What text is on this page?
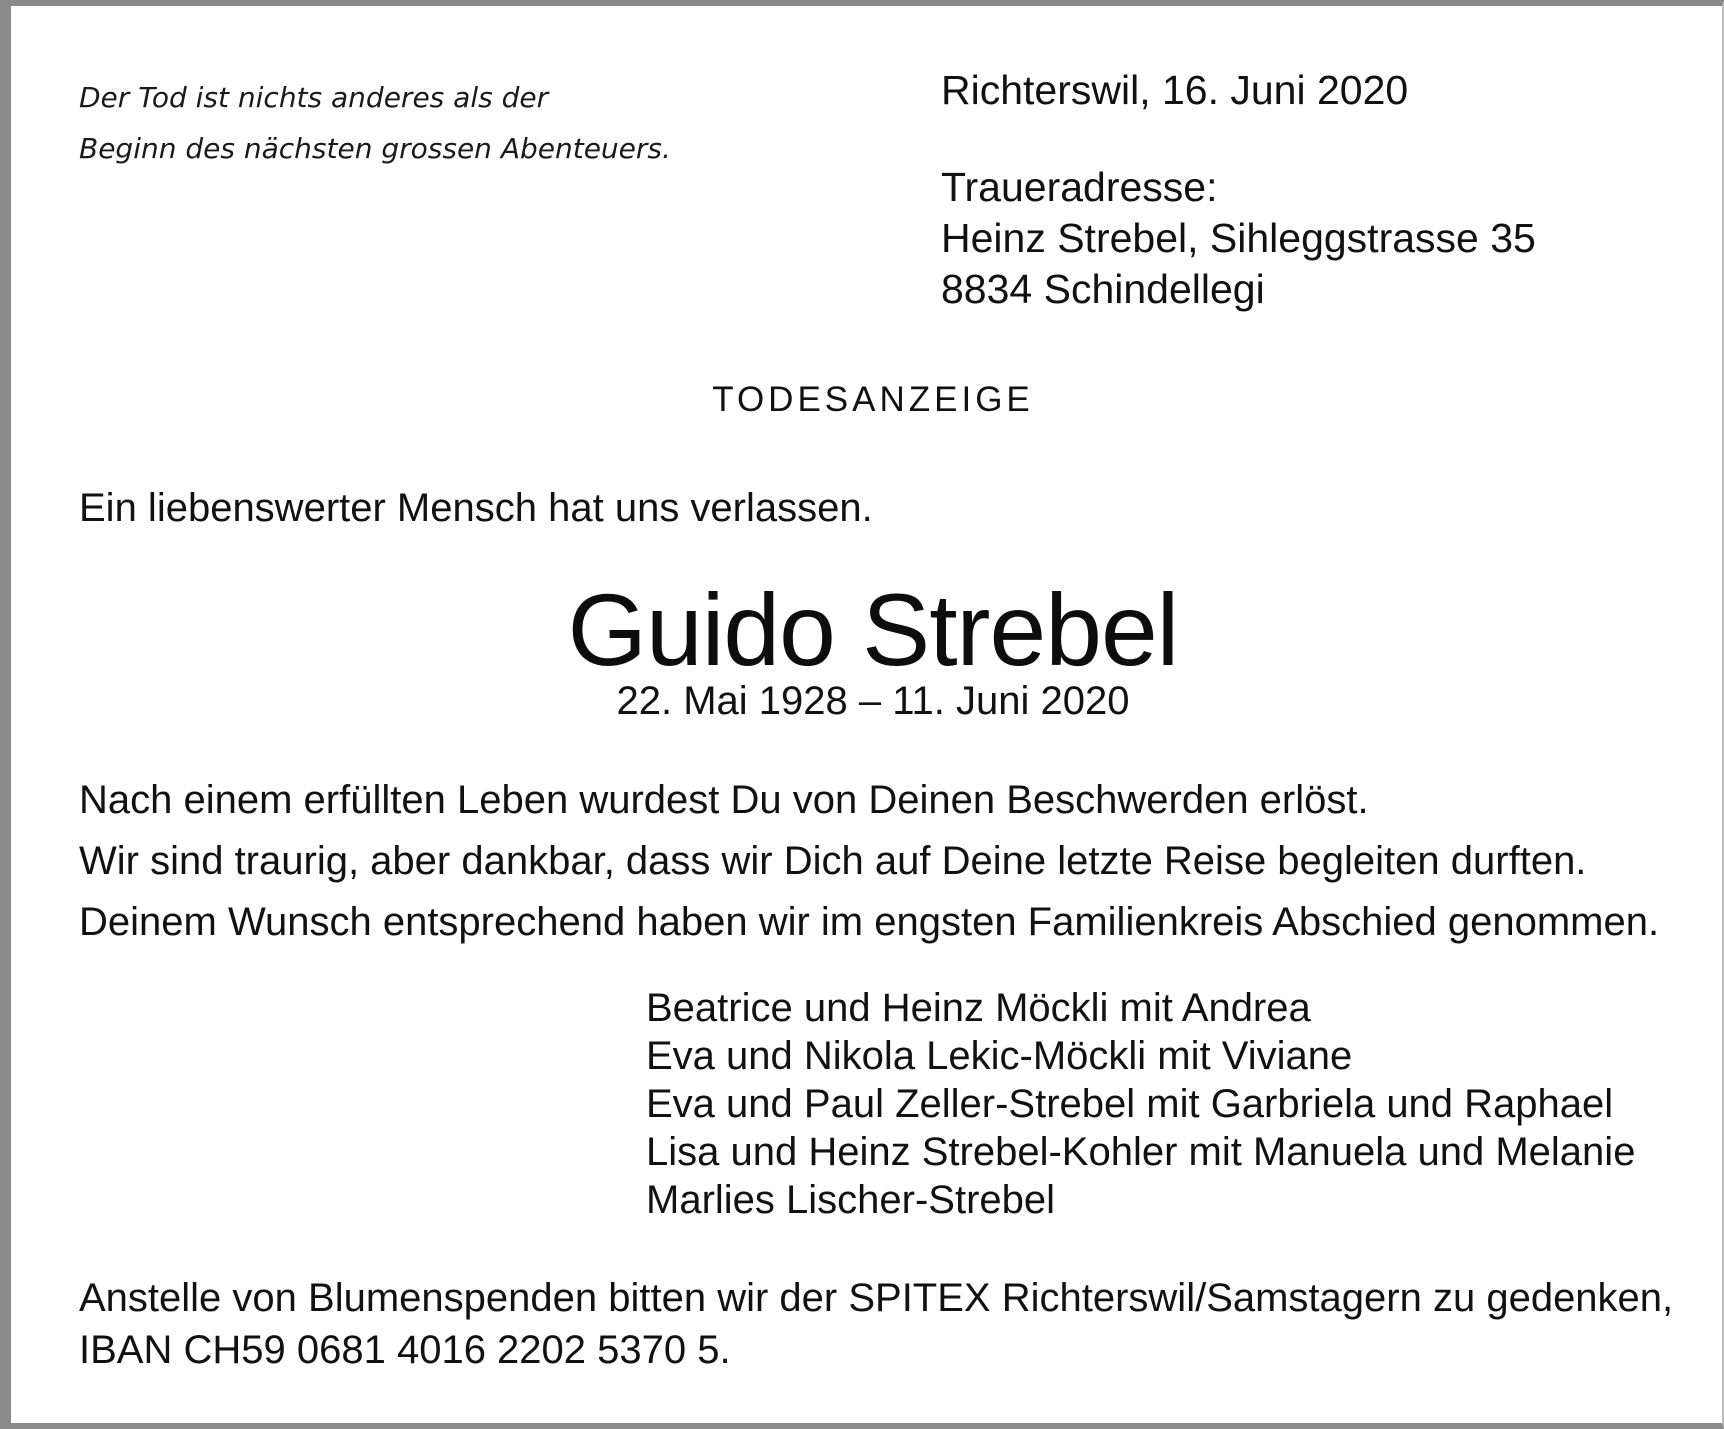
Der Tod ist nichts anderes als der
Beginn des nächsten grossen Abenteuers.
Richterswil, 16. Juni 2020
Traueradresse:
Heinz Strebel, Sihleggstrasse 35
8834 Schindellegi
TODESANZEIGE
Ein liebenswerter Mensch hat uns verlassen.
Guido Strebel
22. Mai 1928 – 11. Juni 2020
Nach einem erfüllten Leben wurdest Du von Deinen Beschwerden erlöst.
Wir sind traurig, aber dankbar, dass wir Dich auf Deine letzte Reise begleiten durften.
Deinem Wunsch entsprechend haben wir im engsten Familienkreis Abschied genommen.
Beatrice und Heinz Möckli mit Andrea
Eva und Nikola Lekic-Möckli mit Viviane
Eva und Paul Zeller-Strebel mit Garbriela und Raphael
Lisa und Heinz Strebel-Kohler mit Manuela und Melanie
Marlies Lischer-Strebel
Anstelle von Blumenspenden bitten wir der SPITEX Richterswil/Samstagern zu gedenken,
IBAN CH59 0681 4016 2202 5370 5.
